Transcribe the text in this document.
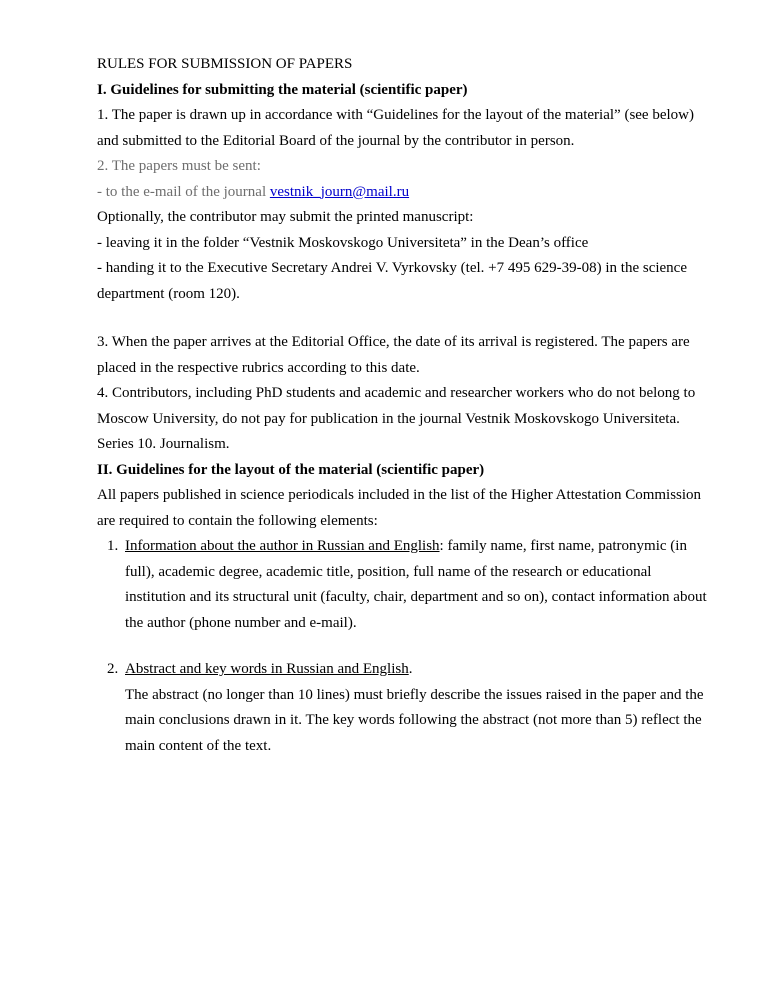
RULES FOR SUBMISSION OF PAPERS

I. Guidelines for submitting the material (scientific paper)

1. The paper is drawn up in accordance with “Guidelines for the layout of the material” (see below) and submitted to the Editorial Board of the journal by the contributor in person.

2. The papers must be sent:

- to the e-mail of the journal vestnik_journ@mail.ru

Optionally, the contributor may submit the printed manuscript:

- leaving it in the folder “Vestnik Moskovskogo Universiteta” in the Dean’s office

- handing it to the Executive Secretary Andrei V. Vyrkovsky (tel. +7 495 629-39-08) in the science department (room 120).

3. When the paper arrives at the Editorial Office, the date of its arrival is registered. The papers are placed in the respective rubrics according to this date.

4. Contributors, including PhD students and academic and researcher workers who do not belong to Moscow University, do not pay for publication in the journal Vestnik Moskovskogo Universiteta. Series 10. Journalism.

II. Guidelines for the layout of the material (scientific paper)

All papers published in science periodicals included in the list of the Higher Attestation Commission are required to contain the following elements:

1. Information about the author in Russian and English: family name, first name, patronymic (in full), academic degree, academic title, position, full name of the research or educational institution and its structural unit (faculty, chair, department and so on), contact information about the author (phone number and e-mail).
2. Abstract and key words in Russian and English.

The abstract (no longer than 10 lines) must briefly describe the issues raised in the paper and the main conclusions drawn in it. The key words following the abstract (not more than 5) reflect the main content of the text.
